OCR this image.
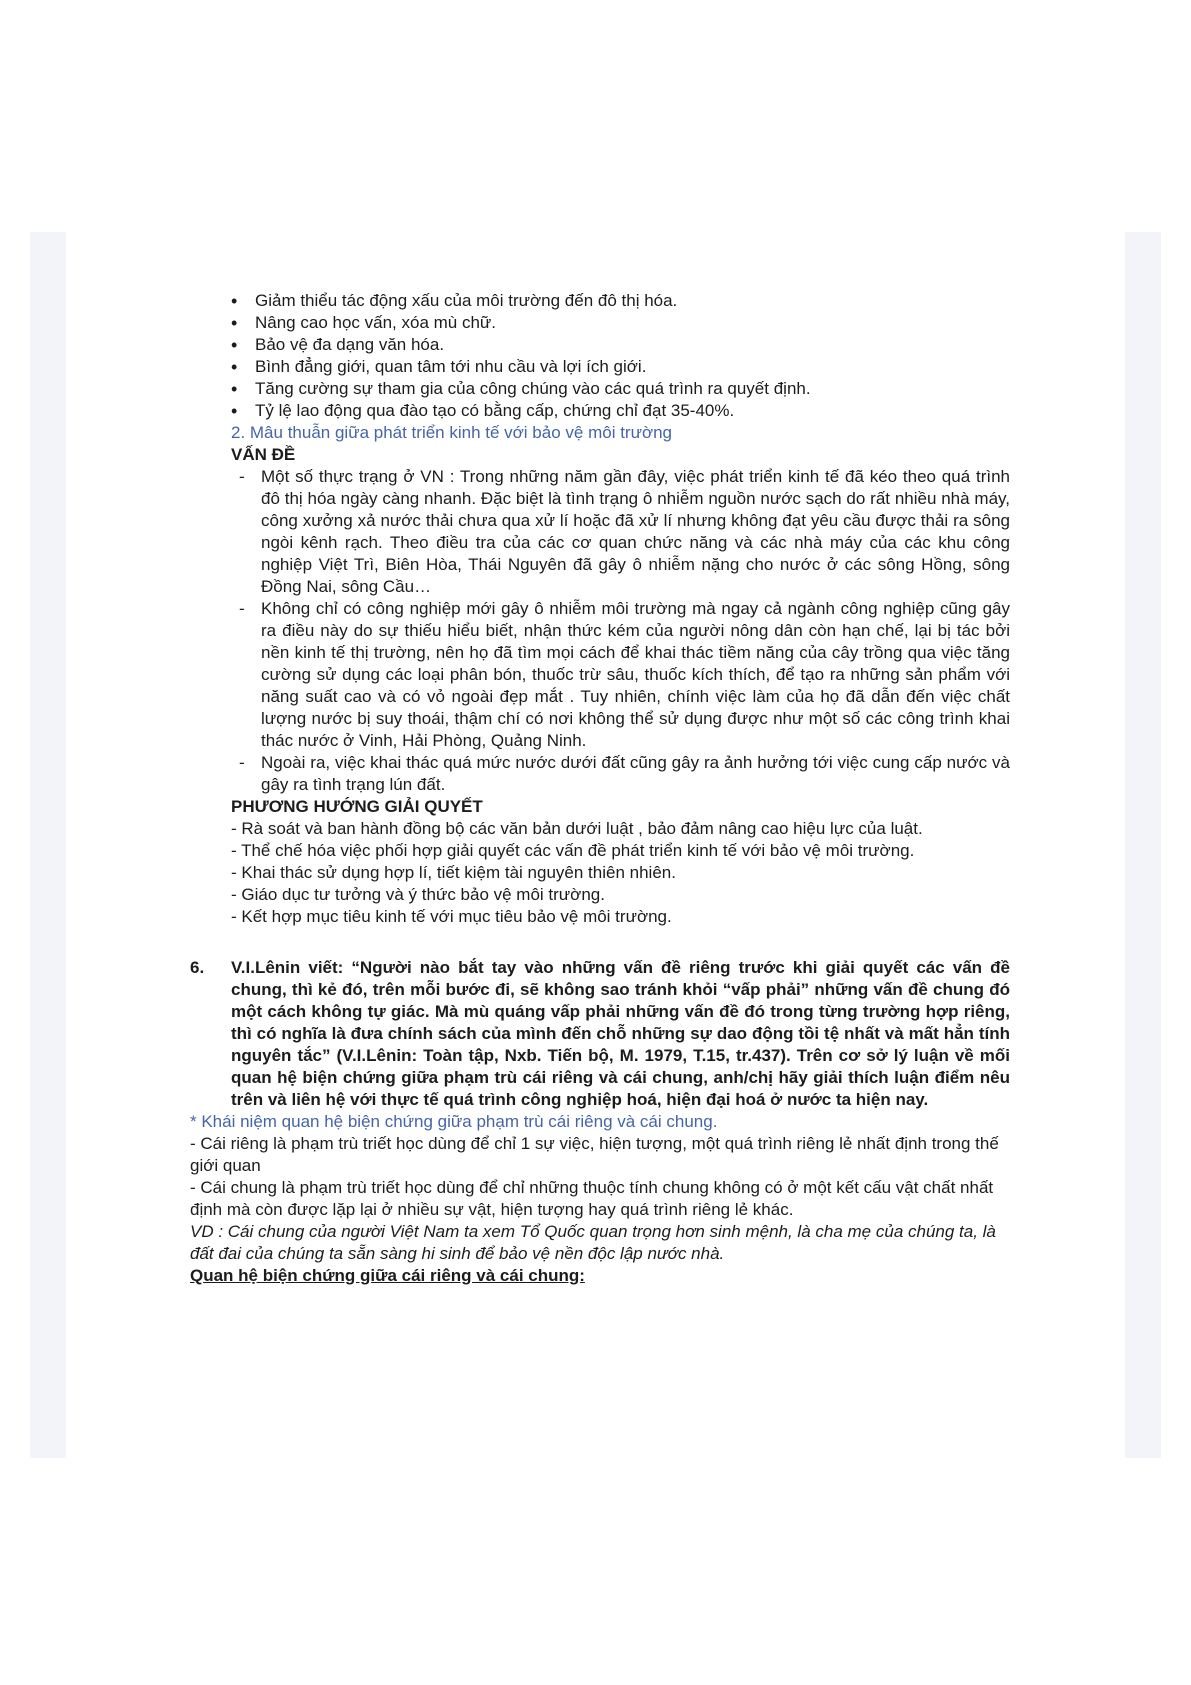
• Giảm thiểu tác động xấu của môi trường đến đô thị hóa.
• Nâng cao học vấn, xóa mù chữ.
• Bảo vệ đa dạng văn hóa.
• Bình đẳng giới, quan tâm tới nhu cầu và lợi ích giới.
• Tăng cường sự tham gia của công chúng vào các quá trình ra quyết định.
• Tỷ lệ lao động qua đào tạo có bằng cấp, chứng chỉ đạt 35-40%.

2. Mâu thuẫn giữa phát triển kinh tế với bảo vệ môi trường

VẤN ĐỀ

- Một số thực trạng ở VN : Trong những năm gần đây, việc phát triển kinh tế đã kéo theo quá trình đô thị hóa ngày càng nhanh. Đặc biệt là tình trạng ô nhiễm nguồn nước sạch do rất nhiều nhà máy, công xưởng xả nước thải chưa qua xử lí hoặc đã xử lí nhưng không đạt yêu cầu được thải ra sông ngòi kênh rạch. Theo điều tra của các cơ quan chức năng và các nhà máy của các khu công nghiệp Việt Trì, Biên Hòa, Thái Nguyên đã gây ô nhiễm nặng cho nước ở các sông Hồng, sông Đồng Nai, sông Cầu…
- Không chỉ có công nghiệp mới gây ô nhiễm môi trường mà ngay cả ngành công nghiệp cũng gây ra điều này do sự thiếu hiểu biết, nhận thức kém của người nông dân còn hạn chế, lại bị tác bởi nền kinh tế thị trường, nên họ đã tìm mọi cách để khai thác tiềm năng của cây trồng qua việc tăng cường sử dụng các loại phân bón, thuốc trừ sâu, thuốc kích thích, để tạo ra những sản phẩm với năng suất cao và có vỏ ngoài đẹp mắt . Tuy nhiên, chính việc làm của họ đã dẫn đến việc chất lượng nước bị suy thoái, thậm chí có nơi không thể sử dụng được như một số các công trình khai thác nước ở Vinh, Hải Phòng, Quảng Ninh.
- Ngoài ra, việc khai thác quá mức nước dưới đất cũng gây ra ảnh hưởng tới việc cung cấp nước và gây ra tình trạng lún đất.

PHƯƠNG HƯỚNG GIẢI QUYẾT

- Rà soát và ban hành đồng bộ các văn bản dưới luật , bảo đảm nâng cao hiệu lực của luật.

- Thể chế hóa việc phối hợp giải quyết các vấn đề phát triển kinh tế với bảo vệ môi trường.

- Khai thác sử dụng hợp lí, tiết kiệm tài nguyên thiên nhiên.

- Giáo dục tư tưởng và ý thức bảo vệ môi trường.

- Kết hợp mục tiêu kinh tế với mục tiêu bảo vệ môi trường.

6.	V.I.Lênin viết: “Người nào bắt tay vào những vấn đề riêng trước khi giải quyết các vấn đề chung, thì kẻ đó, trên mỗi bước đi, sẽ không sao tránh khỏi “vấp phải” những vấn đề chung đó một cách không tự giác. Mà mù quáng vấp phải những vấn đề đó trong từng trường hợp riêng, thì có nghĩa là đưa chính sách của mình đến chỗ những sự dao động tồi tệ nhất và mất hẳn tính nguyên tắc” (V.I.Lênin: Toàn tập, Nxb. Tiến bộ, M. 1979, T.15, tr.437). Trên cơ sở lý luận về mối quan hệ biện chứng giữa phạm trù cái riêng và cái chung, anh/chị hãy giải thích luận điểm nêu trên và liên hệ với thực tế quá trình công nghiệp hoá, hiện đại hoá ở nước ta hiện nay.

* Khái niệm quan hệ biện chứng giữa phạm trù cái riêng và cái chung.

- Cái riêng là phạm trù triết học dùng để chỉ 1 sự việc, hiện tượng, một quá trình riêng lẻ nhất định trong thế giới quan

- Cái chung là phạm trù triết học dùng để chỉ những thuộc tính chung không có ở một kết cấu vật chất nhất định mà còn được lặp lại ở nhiều sự vật, hiện tượng hay quá trình riêng lẻ khác.

VD : Cái chung của người Việt Nam ta xem Tổ Quốc quan trọng hơn sinh mệnh, là cha mẹ của chúng ta, là đất đai của chúng ta sẵn sàng hi sinh để bảo vệ nền độc lập nước nhà.

Quan hệ biện chứng giữa cái riêng và cái chung:
